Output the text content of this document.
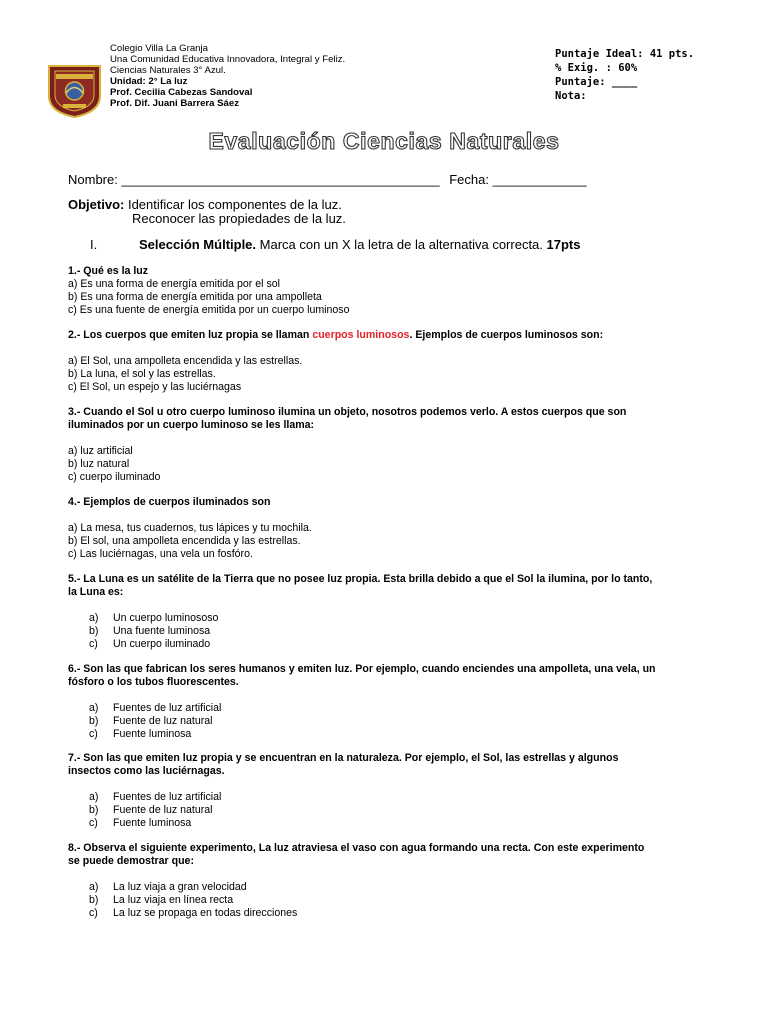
Colegio Villa La Granja
Una Comunidad Educativa Innovadora, Integral y Feliz.
Ciencias Naturales 3° Azul.
Unidad: 2° La luz
Prof. Cecilia Cabezas Sandoval
Prof. Dif. Juani Barrera Sáez
Puntaje Ideal: 41 pts.
% Exig. : 60%
Puntaje: ____
Nota:
Evaluación Ciencias Naturales
Nombre: ____________________________________________ Fecha: _____________
Objetivo: Identificar los componentes de la luz.
Reconocer las propiedades de la luz.
I.	Selección Múltiple. Marca con un X la letra de la alternativa correcta. 17pts
1.- Qué es la luz
a) Es una forma de energía emitida por el sol
b) Es una forma de energía emitida por una ampolleta
c) Es una fuente de energía emitida por un cuerpo luminoso
2.- Los cuerpos que emiten luz propia se llaman cuerpos luminosos. Ejemplos de cuerpos luminosos son:
a) El Sol, una ampolleta encendida y las estrellas.
b) La luna, el sol y las estrellas.
c) El Sol, un espejo y las luciérnagas
3.- Cuando el Sol u otro cuerpo luminoso ilumina un objeto, nosotros podemos verlo. A estos cuerpos que son
iluminados por un cuerpo luminoso se les llama:
a) luz artificial
b) luz natural
c) cuerpo iluminado
4.- Ejemplos de cuerpos iluminados son
a) La mesa, tus cuadernos, tus lápices y tu mochila.
b) El sol, una ampolleta encendida y las estrellas.
c) Las luciérnagas, una vela un fosfóro.
5.- La Luna es un satélite de la Tierra que no posee luz propia. Esta brilla debido a que el Sol la ilumina, por lo tanto,
la Luna es:
a) Un cuerpo luminososo
b) Una fuente luminosa
c) Un cuerpo iluminado
6.- Son las que fabrican los seres humanos y emiten luz. Por ejemplo, cuando enciendes una ampolleta, una vela, un
fósforo o los tubos fluorescentes.
a) Fuentes de luz artificial
b) Fuente de luz natural
c) Fuente luminosa
7.- Son las que emiten luz propia y se encuentran en la naturaleza. Por ejemplo, el Sol, las estrellas y algunos
insectos como las luciérnagas.
a) Fuentes de luz artificial
b) Fuente de luz natural
c) Fuente luminosa
8.- Observa el siguiente experimento, La luz atraviesa el vaso con agua formando una recta. Con este experimento
se puede demostrar que:
a) La luz viaja a gran velocidad
b) La luz viaja en línea recta
c) La luz se propaga en todas direcciones
